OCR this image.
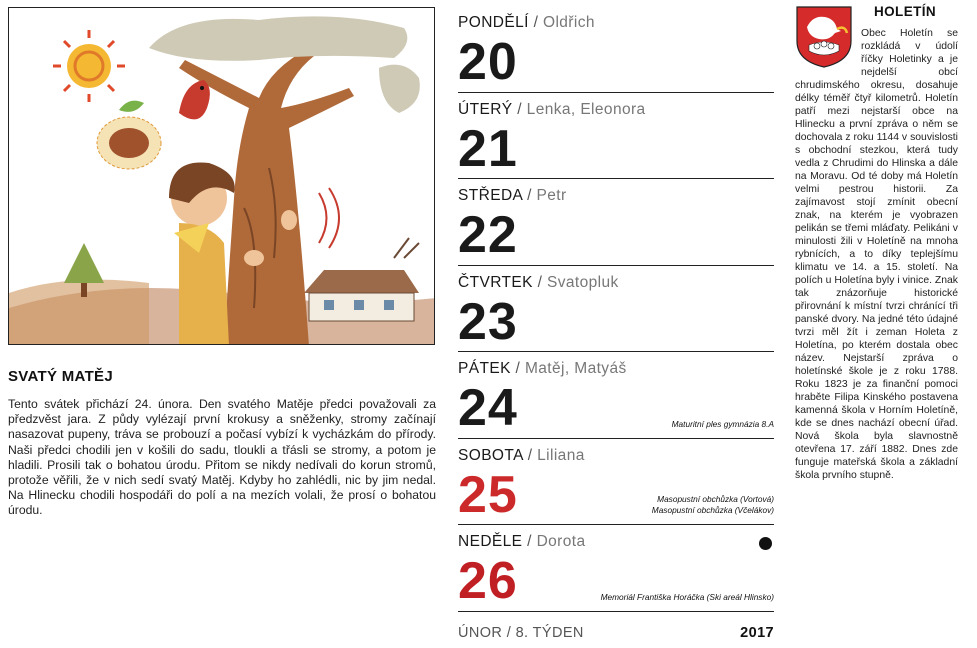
SVATÝ MATĚJ
Tento svátek přichází 24. února. Den svatého Matěje předci považovali za předzvěst jara. Z půdy vylézají první krokusy a sněženky, stromy začínají nasazovat pupeny, tráva se probouzí a počasí vybízí k vycházkám do přírody. Naši předci chodili jen v košili do sadu, tloukli a třásli se stromy, a potom je hladili. Prosili tak o bohatou úrodu. Přitom se nikdy nedívali do korun stromů, protože věřili, že v nich sedí svatý Matěj. Kdyby ho zahlédli, nic by jim nedal. Na Hlinecku chodili hospodáři do polí a na mezích volali, že prosí o bohatou úrodu.
PONDĚLÍ / Oldřich
20
ÚTERÝ / Lenka, Eleonora
21
STŘEDA / Petr
22
ČTVRTEK / Svatopluk
23
PÁTEK / Matěj, Matyáš
24	Maturitní ples gymnázia 8.A
SOBOTA / Liliana
25	Masopustní obchůzka (Vortová)
Masopustní obchůzka (Včelákov)
NEDĚLE / Dorota
26	Memoriál Františka Horáčka (Ski areál Hlinsko)
ÚNOR / 8. TÝDEN	2017
HOLETÍN
Obec Holetín se rozkládá v údolí říčky Holetinky a je nejdelší obcí chrudimského okresu, dosahuje délky téměř čtyř kilometrů. Holetín patří mezi nejstarší obce na Hlinecku a první zpráva o něm se dochovala z roku 1144 v souvislosti s obchodní stezkou, která tudy vedla z Chrudimi do Hlinska a dále na Moravu. Od té doby má Holetín velmi pestrou historii. Za zajímavost stojí zmínit obecní znak, na kterém je vyobrazen pelikán se třemi mláďaty. Pelikáni v minulosti žili v Holetíně na mnoha rybnících, a to díky teplejšímu klimatu ve 14. a 15. století. Na polích u Holetína byly i vinice. Znak tak znázorňuje historické přirovnání k místní tvrzi chránící tři panské dvory. Na jedné této údajné tvrzi měl žít i zeman Holeta z Holetína, po kterém dostala obec název. Nejstarší zpráva o holetínské škole je z roku 1788. Roku 1823 je za finanční pomoci hraběte Filipa Kinského postavena kamenná škola v Horním Holetíně, kde se dnes nachází obecní úřad. Nová škola byla slavnostně otevřena 17. září 1882. Dnes zde funguje mateřská škola a základní škola prvního stupně.
